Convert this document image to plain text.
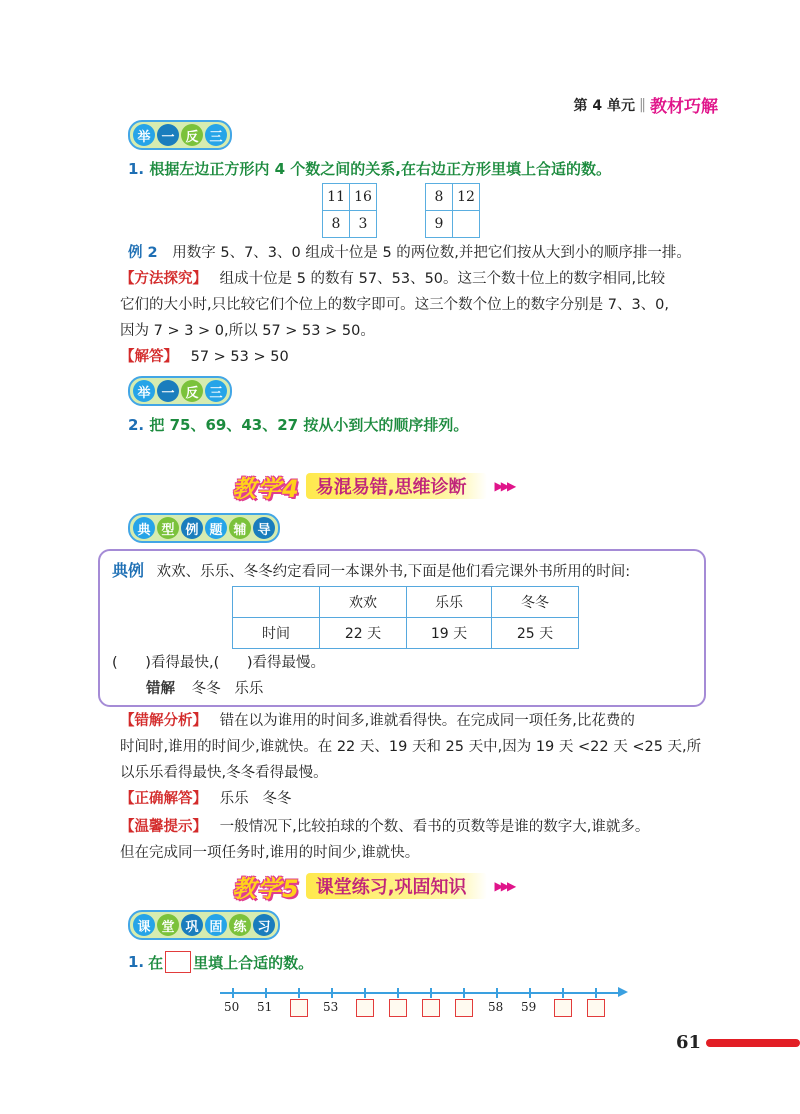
第 4 单元 ‖ 教材巧解
举 一 反 三
1. 根据左边正方形内 4 个数之间的关系,在右边正方形里填上合适的数。
11	16
8	3
8	12
9	
例 2 用数字 5、7、3、0 组成十位是 5 的两位数,并把它们按从大到小的顺序排一排。
【方法探究】 组成十位是 5 的数有 57、53、50。这三个数十位上的数字相同,比较
它们的大小时,只比较它们个位上的数字即可。这三个数个位上的数字分别是 7、3、0,
因为 7 > 3 > 0,所以 57 > 53 > 50。
【解答】 57 > 53 > 50
举 一 反 三
2. 把 75、69、43、27 按从小到大的顺序排列。
教学4 易混易错,思维诊断 ▶▶▶
典 型 例 题 辅 导
典例 欢欢、乐乐、冬冬约定看同一本课外书,下面是他们看完课外书所用的时间:
	欢欢	乐乐	冬冬
时间	22 天	19 天	25 天
(      )看得最快,(      )看得最慢。
错解 冬冬   乐乐
【错解分析】 错在以为谁用的时间多,谁就看得快。在完成同一项任务,比花费的
时间时,谁用的时间少,谁就快。在 22 天、19 天和 25 天中,因为 19 天 <22 天 <25 天,所
以乐乐看得最快,冬冬看得最慢。
【正确解答】 乐乐   冬冬
【温馨提示】 一般情况下,比较拍球的个数、看书的页数等是谁的数字大,谁就多。
但在完成同一项任务时,谁用的时间少,谁就快。
教学5 课堂练习,巩固知识 ▶▶▶
课 堂 巩 固 练 习
1. 在 里填上合适的数。
50 51	53	58 59
61
